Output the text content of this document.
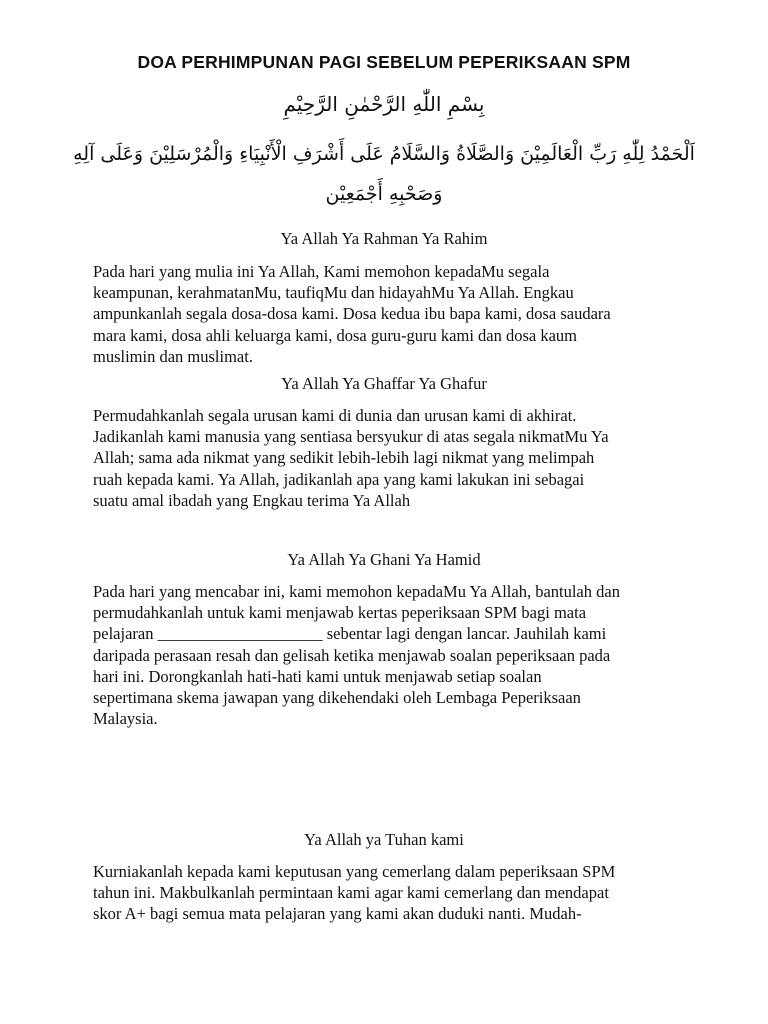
DOA PERHIMPUNAN PAGI SEBELUM PEPERIKSAAN SPM
بِسْمِ اللّٰهِ الرَّحْمٰنِ الرَّحِيْمِ
اَلْحَمْدُ لِلّٰهِ رَبِّ الْعَالَمِيْنَ وَالصَّلَاةُ وَالسَّلَامُ عَلَى أَشْرَفِ الْأَنْبِيَاءِ وَالْمُرْسَلِيْنَ وَعَلَى آلِهِ
وَصَحْبِهِ أَجْمَعِيْن
Ya Allah Ya Rahman Ya Rahim

Pada hari yang mulia ini Ya Allah, Kami memohon kepadaMu segala
keampunan, kerahmatanMu, taufiqMu dan hidayahMu Ya Allah. Engkau
ampunkanlah segala dosa-dosa kami. Dosa kedua ibu bapa kami, dosa saudara
mara kami, dosa ahli keluarga kami, dosa guru-guru kami dan dosa kaum
muslimin dan muslimat.

Ya Allah Ya Ghaffar Ya Ghafur

Permudahkanlah segala urusan kami di dunia dan urusan kami di akhirat.
Jadikanlah kami manusia yang sentiasa bersyukur di atas segala nikmatMu Ya
Allah; sama ada nikmat yang sedikit lebih-lebih lagi nikmat yang melimpah
ruah kepada kami. Ya Allah, jadikanlah apa yang kami lakukan ini sebagai
suatu amal ibadah yang Engkau terima Ya Allah

Ya Allah Ya Ghani Ya Hamid

Pada hari yang mencabar ini, kami memohon kepadaMu Ya Allah, bantulah dan
permudahkanlah untuk kami menjawab kertas peperiksaan SPM bagi mata
pelajaran ____________________ sebentar lagi dengan lancar. Jauhilah kami
daripada perasaan resah dan gelisah ketika menjawab soalan peperiksaan pada
hari ini. Dorongkanlah hati-hati kami untuk menjawab setiap soalan
sepertimana skema jawapan yang dikehendaki oleh Lembaga Peperiksaan
Malaysia.

Ya Allah ya Tuhan kami

Kurniakanlah kepada kami keputusan yang cemerlang dalam peperiksaan SPM
tahun ini. Makbulkanlah permintaan kami agar kami cemerlang dan mendapat
skor A+ bagi semua mata pelajaran yang kami akan duduki nanti. Mudah-
